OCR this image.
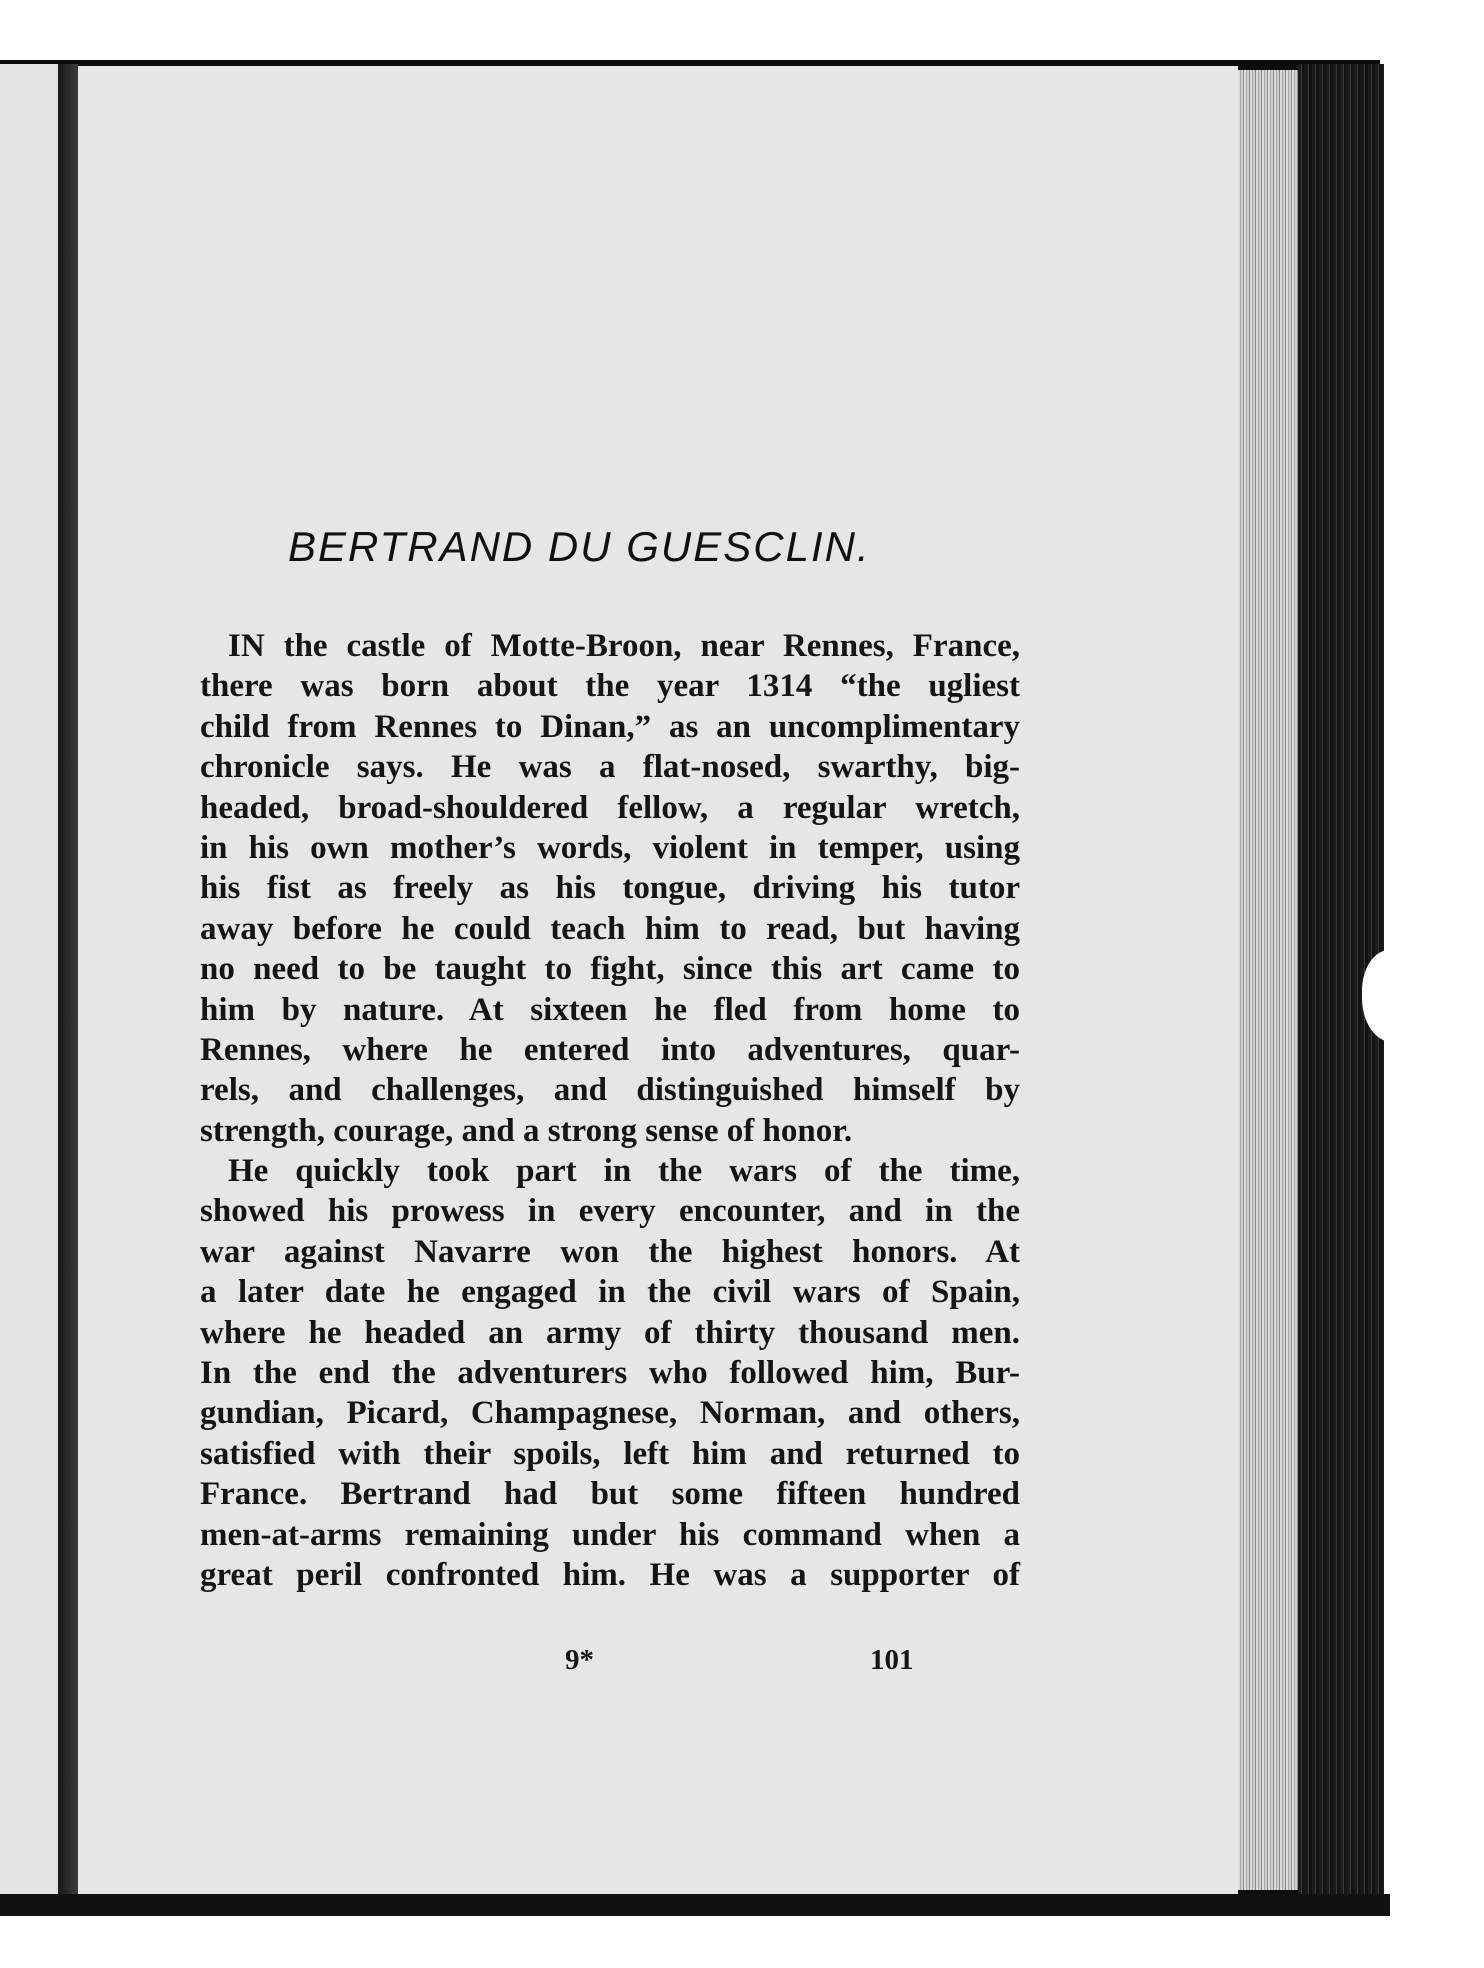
BERTRAND DU GUESCLIN.
IN the castle of Motte-Broon, near Rennes, France,
there was born about the year 1314 “the ugliest
child from Rennes to Dinan,” as an uncomplimentary
chronicle says. He was a flat-nosed, swarthy, big-
headed, broad-shouldered fellow, a regular wretch,
in his own mother’s words, violent in temper, using
his fist as freely as his tongue, driving his tutor
away before he could teach him to read, but having
no need to be taught to fight, since this art came to
him by nature. At sixteen he fled from home to
Rennes, where he entered into adventures, quar-
rels, and challenges, and distinguished himself by
strength, courage, and a strong sense of honor.
He quickly took part in the wars of the time,
showed his prowess in every encounter, and in the
war against Navarre won the highest honors. At
a later date he engaged in the civil wars of Spain,
where he headed an army of thirty thousand men.
In the end the adventurers who followed him, Bur-
gundian, Picard, Champagnese, Norman, and others,
satisfied with their spoils, left him and returned to
France. Bertrand had but some fifteen hundred
men-at-arms remaining under his command when a
great peril confronted him. He was a supporter of
9*	101
